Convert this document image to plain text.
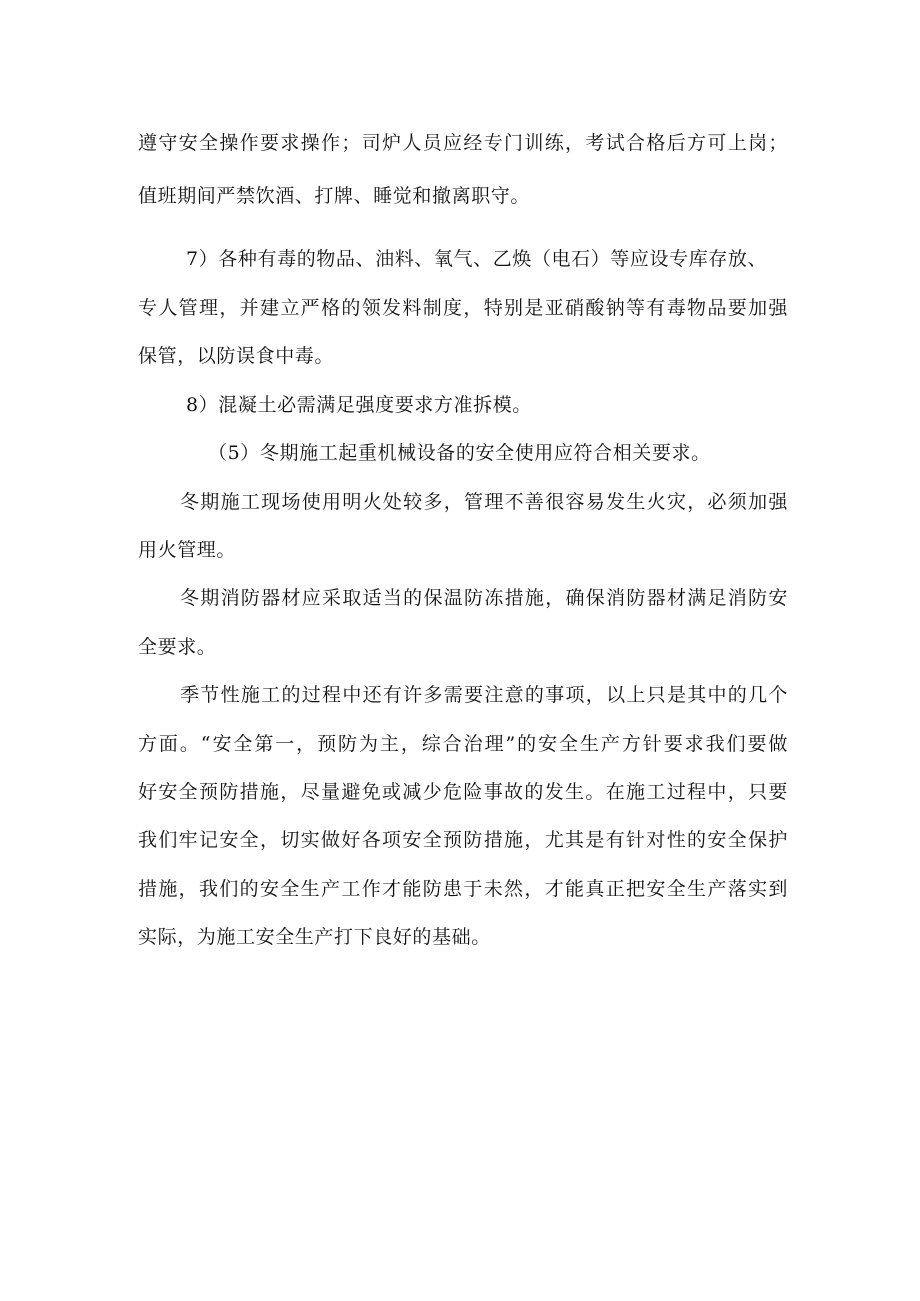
遵守安全操作要求操作；司炉人员应经专门训练，考试合格后方可上岗；
值班期间严禁饮酒、打牌、睡觉和撤离职守。
7）各种有毒的物品、油料、氧气、乙焕（电石）等应设专库存放、
专人管理，并建立严格的领发料制度，特别是亚硝酸钠等有毒物品要加强
保管，以防误食中毒。
8）混凝土必需满足强度要求方准拆模。
（5）冬期施工起重机械设备的安全使用应符合相关要求。
冬期施工现场使用明火处较多，管理不善很容易发生火灾，必须加强
用火管理。
冬期消防器材应采取适当的保温防冻措施，确保消防器材满足消防安
全要求。
季节性施工的过程中还有许多需要注意的事项，以上只是其中的几个
方面。“安全第一，预防为主，综合治理”的安全生产方针要求我们要做
好安全预防措施，尽量避免或减少危险事故的发生。在施工过程中，只要
我们牢记安全，切实做好各项安全预防措施，尤其是有针对性的安全保护
措施，我们的安全生产工作才能防患于未然，才能真正把安全生产落实到
实际，为施工安全生产打下良好的基础。
